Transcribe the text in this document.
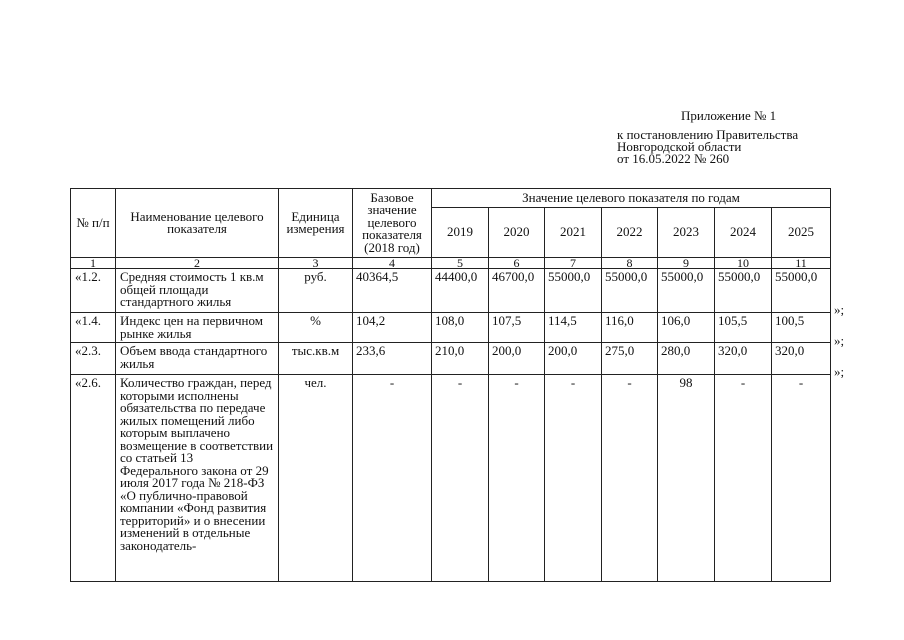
Приложение № 1
к постановлению Правительства
Новгородской области
от 16.05.2022 № 260
№ п/п	Наименование целевого показателя	Единица измерения	Базовое значение целевого показателя (2018 год)	Значение целевого показателя по годам						
				2019	2020	2021	2022	2023	2024	2025
1	2	3	4	5	6	7	8	9	10	11
«1.2.	Средняя стоимость 1 кв.м общей площади стандартного жилья	руб.	40364,5	44400,0	46700,0	55000,0	55000,0	55000,0	55000,0	55000,0
«1.4.	Индекс цен на первичном рынке жилья	%	104,2	108,0	107,5	114,5	116,0	106,0	105,5	100,5
«2.3.	Объем ввода стандартного жилья	тыс.кв.м	233,6	210,0	200,0	200,0	275,0	280,0	320,0	320,0
«2.6.	Количество граждан, перед которыми исполнены обязательства по передаче жилых помещений либо которым выплачено возмещение в соответствии со статьей 13 Федерального закона от 29 июля 2017 года № 218-ФЗ «О публично-правовой компании «Фонд развития территорий» и о внесении изменений в отдельные законодатель-	чел.	-	-	-	-	-	98	-	-
»;
»;
»;
